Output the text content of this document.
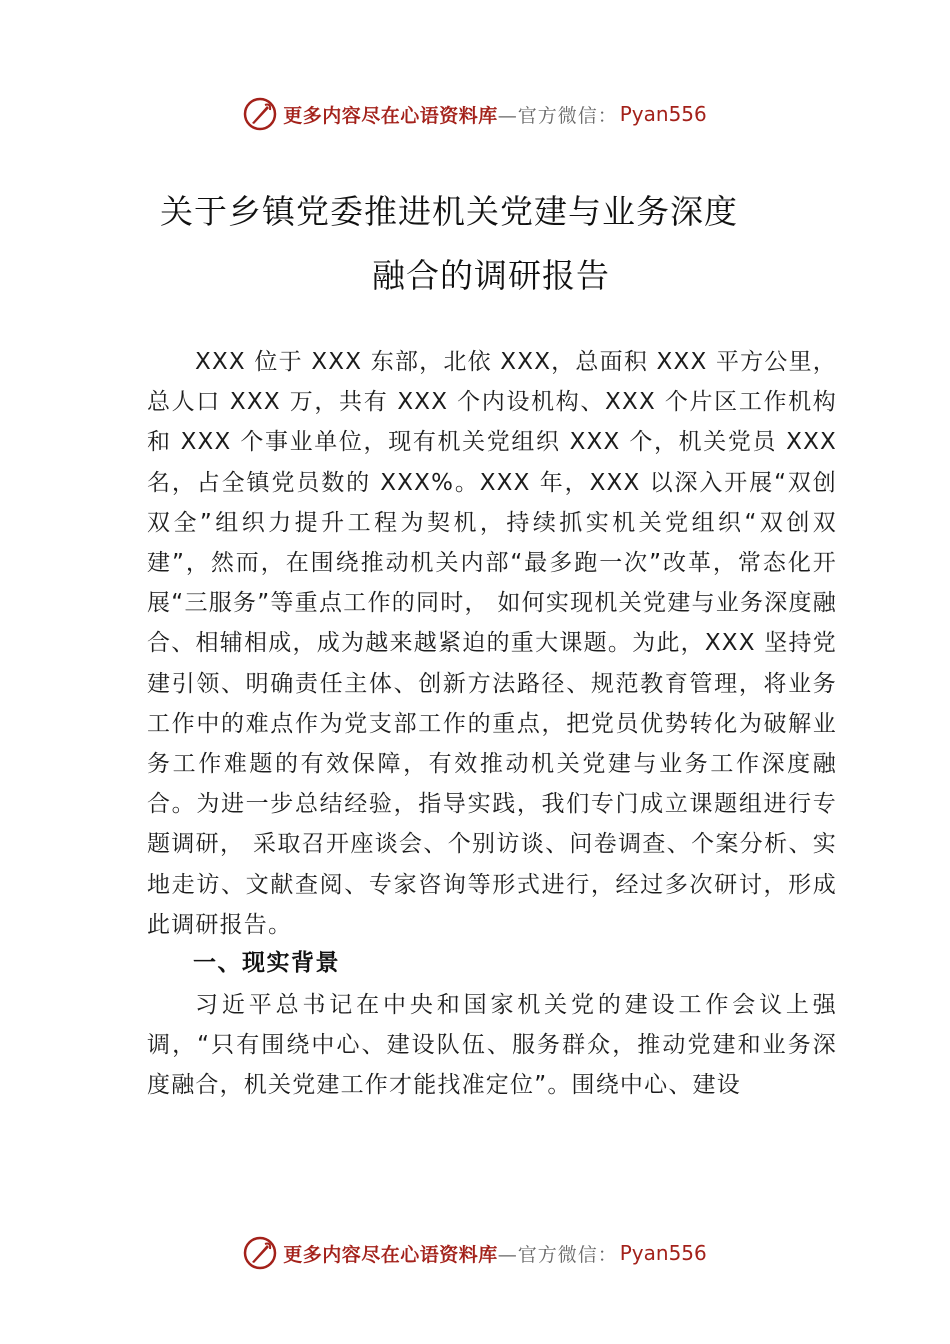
更多内容尽在心语资料库 —官方微信： Pyan556
关于乡镇党委推进机关党建与业务深度
融合的调研报告
XXX 位于 XXX 东部，北依 XXX，总面积 XXX 平方公里，总人口 XXX 万，共有 XXX 个内设机构、XXX 个片区工作机构和 XXX 个事业单位，现有机关党组织 XXX 个，机关党员 XXX 名，占全镇党员数的 XXX%。XXX 年，XXX 以深入开展“双创双全”组织力提升工程为契机，持续抓实机关党组织“双创双建”，然而，在围绕推动机关内部“最多跑一次”改革，常态化开展“三服务”等重点工作的同时， 如何实现机关党建与业务深度融合、相辅相成，成为越来越紧迫的重大课题。为此，XXX 坚持党建引领、明确责任主体、创新方法路径、规范教育管理，将业务工作中的难点作为党支部工作的重点，把党员优势转化为破解业务工作难题的有效保障，有效推动机关党建与业务工作深度融合。为进一步总结经验，指导实践，我们专门成立课题组进行专题调研， 采取召开座谈会、个别访谈、问卷调查、个案分析、实地走访、文献查阅、专家咨询等形式进行，经过多次研讨，形成此调研报告。
一、现实背景
习近平总书记在中央和国家机关党的建设工作会议上强调，“只有围绕中心、建设队伍、服务群众，推动党建和业务深度融合，机关党建工作才能找准定位”。围绕中心、建设
更多内容尽在心语资料库 —官方微信： Pyan556
